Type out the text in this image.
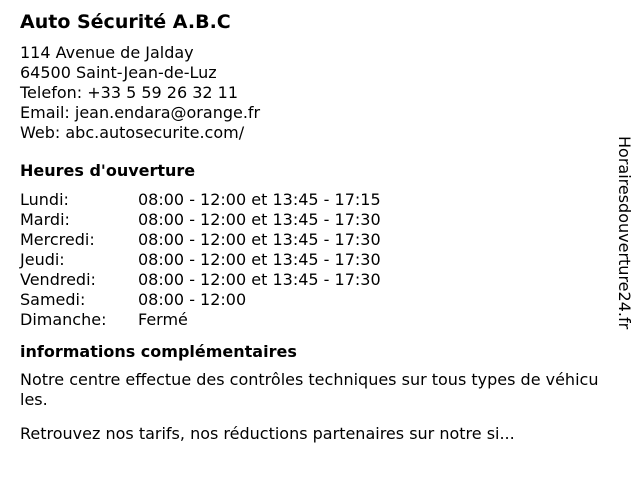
Auto Sécurité A.B.C
114 Avenue de Jalday
64500 Saint-Jean-de-Luz
Telefon: +33 5 59 26 32 11
Email: jean.endara@orange.fr
Web: abc.autosecurite.com/
Heures d'ouverture
Lundi:	08:00 - 12:00 et 13:45 - 17:15
Mardi:	08:00 - 12:00 et 13:45 - 17:30
Mercredi:	08:00 - 12:00 et 13:45 - 17:30
Jeudi:	08:00 - 12:00 et 13:45 - 17:30
Vendredi:	08:00 - 12:00 et 13:45 - 17:30
Samedi:	08:00 - 12:00
Dimanche:	Fermé
informations complémentaires
Notre centre effectue des contrôles techniques sur tous types de véhicules.
Retrouvez nos tarifs, nos réductions partenaires sur notre si...
Horairesdouverture24.fr
